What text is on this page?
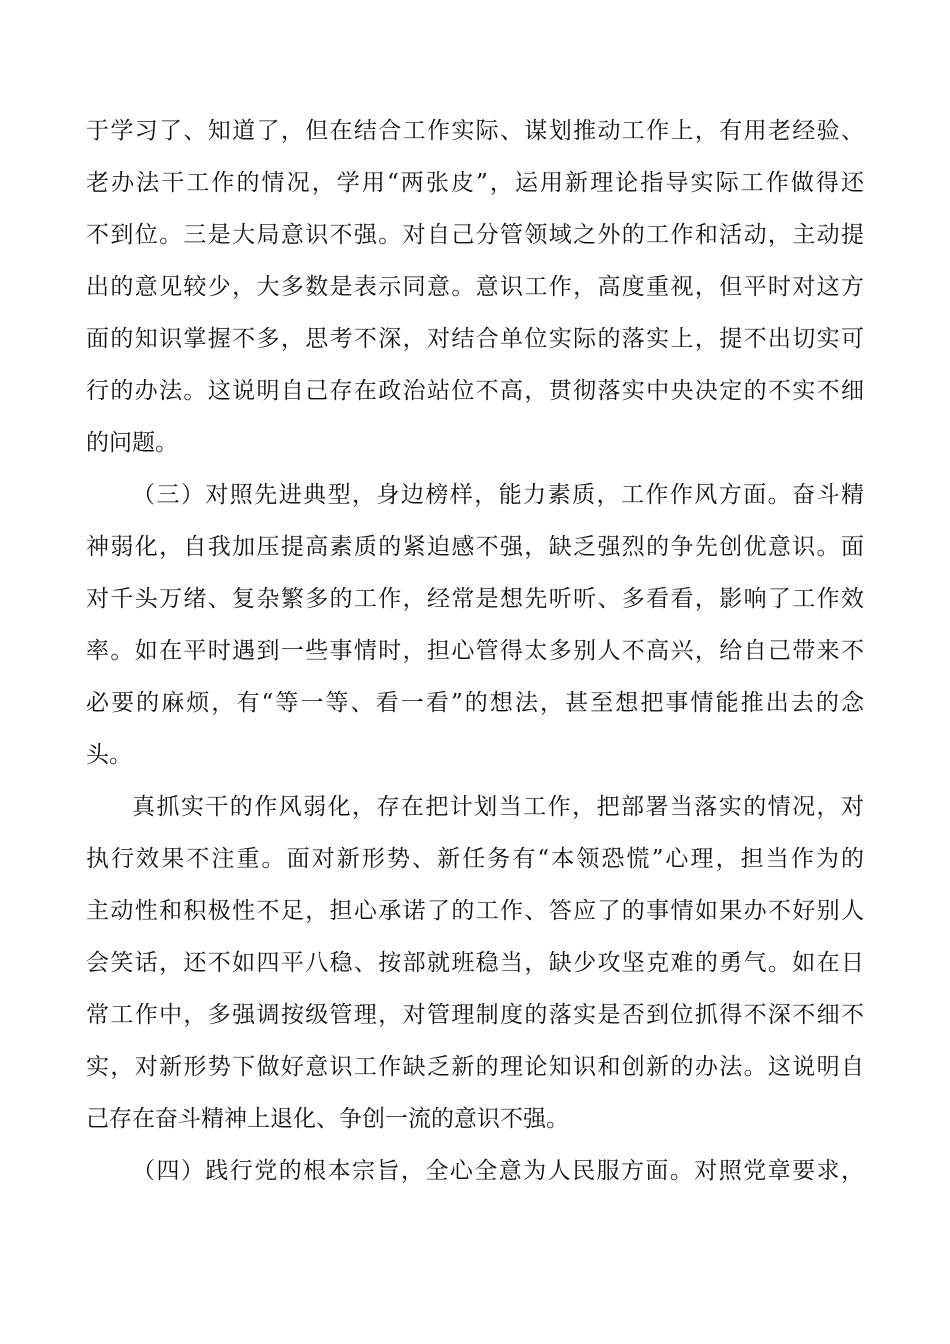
于学习了、知道了，但在结合工作实际、谋划推动工作上，有用老经验、
老办法干工作的情况，学用“两张皮”，运用新理论指导实际工作做得还
不到位。三是大局意识不强。对自己分管领域之外的工作和活动，主动提
出的意见较少，大多数是表示同意。意识工作，高度重视，但平时对这方
面的知识掌握不多，思考不深，对结合单位实际的落实上，提不出切实可
行的办法。这说明自己存在政治站位不高，贯彻落实中央决定的不实不细
的问题。
（三）对照先进典型，身边榜样，能力素质，工作作风方面。奋斗精
神弱化，自我加压提高素质的紧迫感不强，缺乏强烈的争先创优意识。面
对千头万绪、复杂繁多的工作，经常是想先听听、多看看，影响了工作效
率。如在平时遇到一些事情时，担心管得太多别人不高兴，给自己带来不
必要的麻烦，有“等一等、看一看”的想法，甚至想把事情能推出去的念
头。
真抓实干的作风弱化，存在把计划当工作，把部署当落实的情况，对
执行效果不注重。面对新形势、新任务有“本领恐慌”心理，担当作为的
主动性和积极性不足，担心承诺了的工作、答应了的事情如果办不好别人
会笑话，还不如四平八稳、按部就班稳当，缺少攻坚克难的勇气。如在日
常工作中，多强调按级管理，对管理制度的落实是否到位抓得不深不细不
实，对新形势下做好意识工作缺乏新的理论知识和创新的办法。这说明自
己存在奋斗精神上退化、争创一流的意识不强。
（四）践行党的根本宗旨，全心全意为人民服方面。对照党章要求，
